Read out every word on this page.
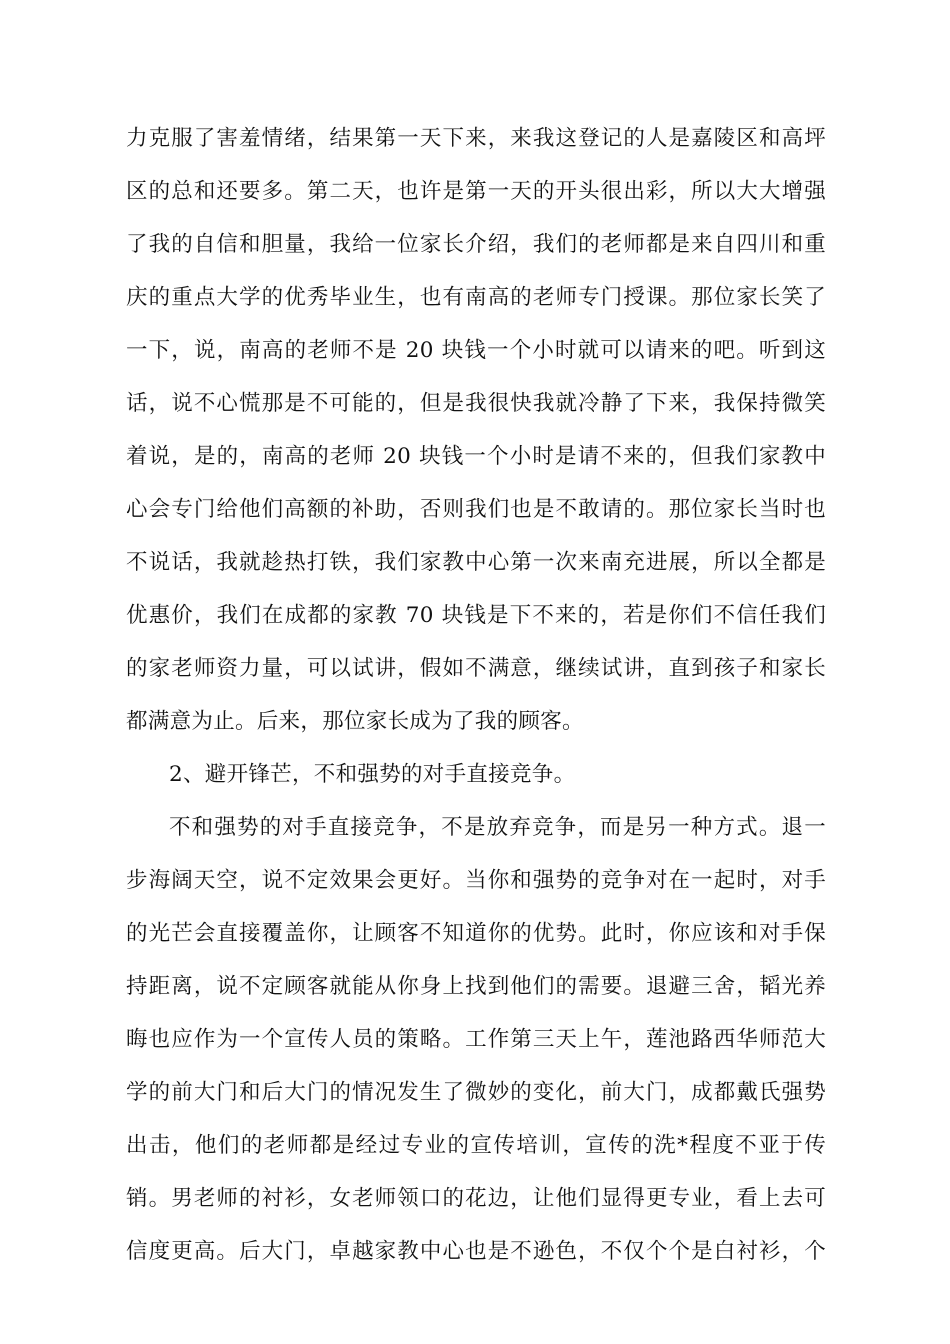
力克服了害羞情绪，结果第一天下来，来我这登记的人是嘉陵区和高坪
区的总和还要多。第二天，也许是第一天的开头很出彩，所以大大增强
了我的自信和胆量，我给一位家长介绍，我们的老师都是来自四川和重
庆的重点大学的优秀毕业生，也有南高的老师专门授课。那位家长笑了
一下，说，南高的老师不是 20 块钱一个小时就可以请来的吧。听到这
话，说不心慌那是不可能的，但是我很快我就冷静了下来，我保持微笑
着说，是的，南高的老师 20 块钱一个小时是请不来的，但我们家教中
心会专门给他们高额的补助，否则我们也是不敢请的。那位家长当时也
不说话，我就趁热打铁，我们家教中心第一次来南充进展，所以全都是
优惠价，我们在成都的家教 70 块钱是下不来的，若是你们不信任我们
的家老师资力量，可以试讲，假如不满意，继续试讲，直到孩子和家长
都满意为止。后来，那位家长成为了我的顾客。
2、避开锋芒，不和强势的对手直接竞争。
不和强势的对手直接竞争，不是放弃竞争，而是另一种方式。退一
步海阔天空，说不定效果会更好。当你和强势的竞争对在一起时，对手
的光芒会直接覆盖你，让顾客不知道你的优势。此时，你应该和对手保
持距离，说不定顾客就能从你身上找到他们的需要。退避三舍，韬光养
晦也应作为一个宣传人员的策略。工作第三天上午，莲池路西华师范大
学的前大门和后大门的情况发生了微妙的变化，前大门，成都戴氏强势
出击，他们的老师都是经过专业的宣传培训，宣传的洗*程度不亚于传
销。男老师的衬衫，女老师领口的花边，让他们显得更专业，看上去可
信度更高。后大门，卓越家教中心也是不逊色，不仅个个是白衬衫，个
